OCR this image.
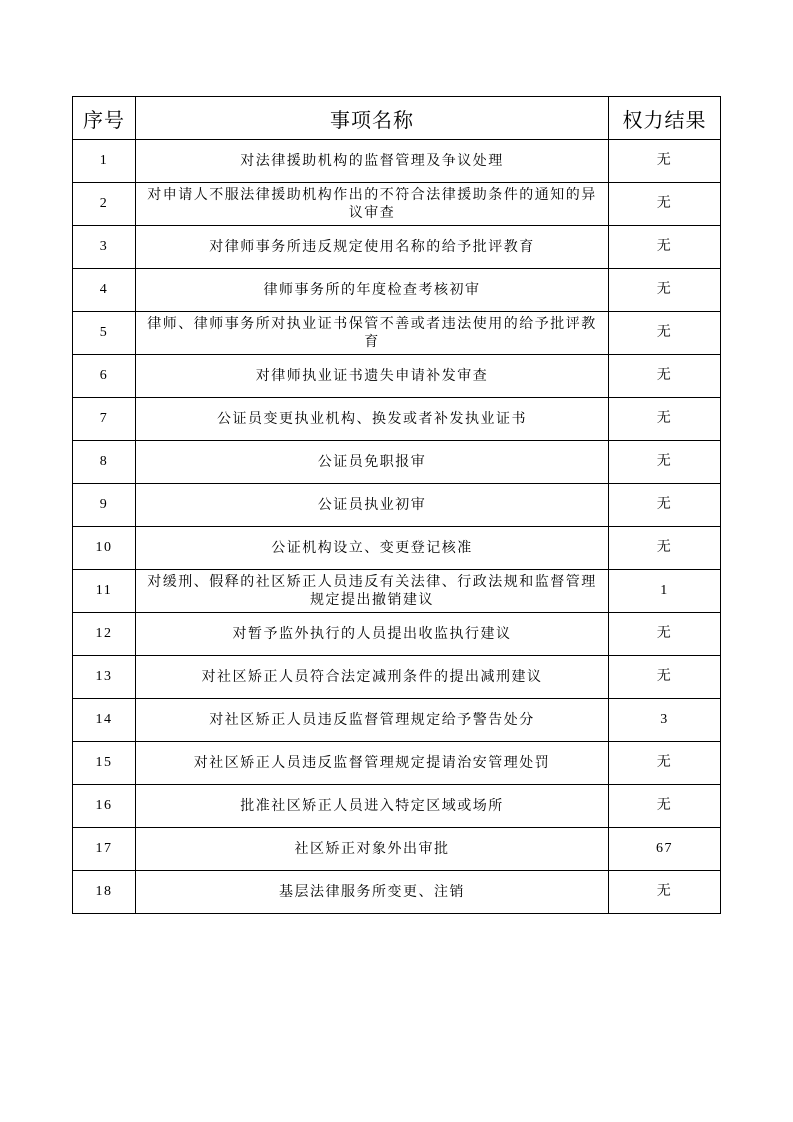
序号	事项名称	权力结果
1	对法律援助机构的监督管理及争议处理	无
2	对申请人不服法律援助机构作出的不符合法律援助条件的通知的异议审查	无
3	对律师事务所违反规定使用名称的给予批评教育	无
4	律师事务所的年度检查考核初审	无
5	律师、律师事务所对执业证书保管不善或者违法使用的给予批评教育	无
6	对律师执业证书遗失申请补发审查	无
7	公证员变更执业机构、换发或者补发执业证书	无
8	公证员免职报审	无
9	公证员执业初审	无
10	公证机构设立、变更登记核准	无
11	对缓刑、假释的社区矫正人员违反有关法律、行政法规和监督管理规定提出撤销建议	1
12	对暂予监外执行的人员提出收监执行建议	无
13	对社区矫正人员符合法定减刑条件的提出减刑建议	无
14	对社区矫正人员违反监督管理规定给予警告处分	3
15	对社区矫正人员违反监督管理规定提请治安管理处罚	无
16	批准社区矫正人员进入特定区域或场所	无
17	社区矫正对象外出审批	67
18	基层法律服务所变更、注销	无
